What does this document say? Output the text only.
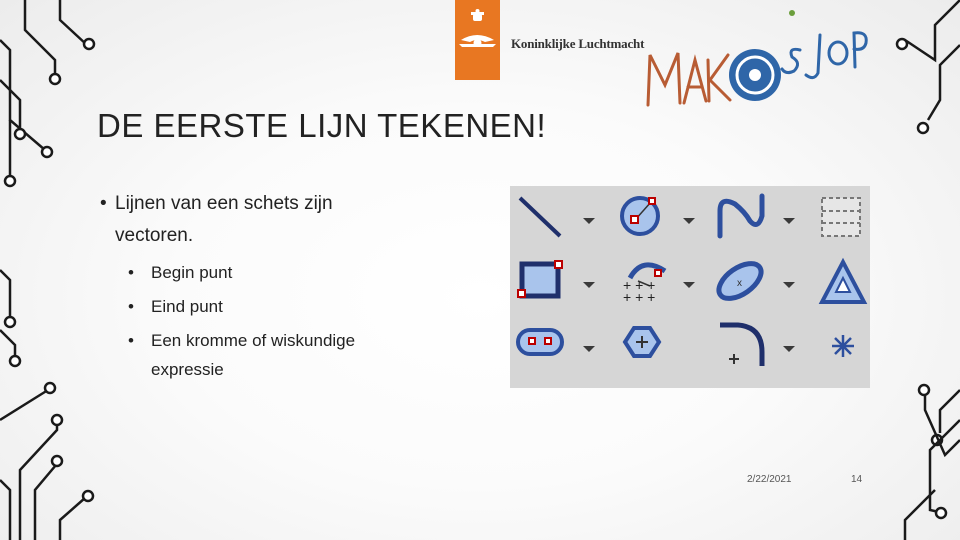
Koninklijke Luchtmacht
DE EERSTE LIJN TEKENEN!
• Lijnen van een schets zijn vectoren.
•	Begin punt
•	Eind punt
•	Een kromme of wiskundige expressie
+ + +
+ + +
x
2/22/2021	14
